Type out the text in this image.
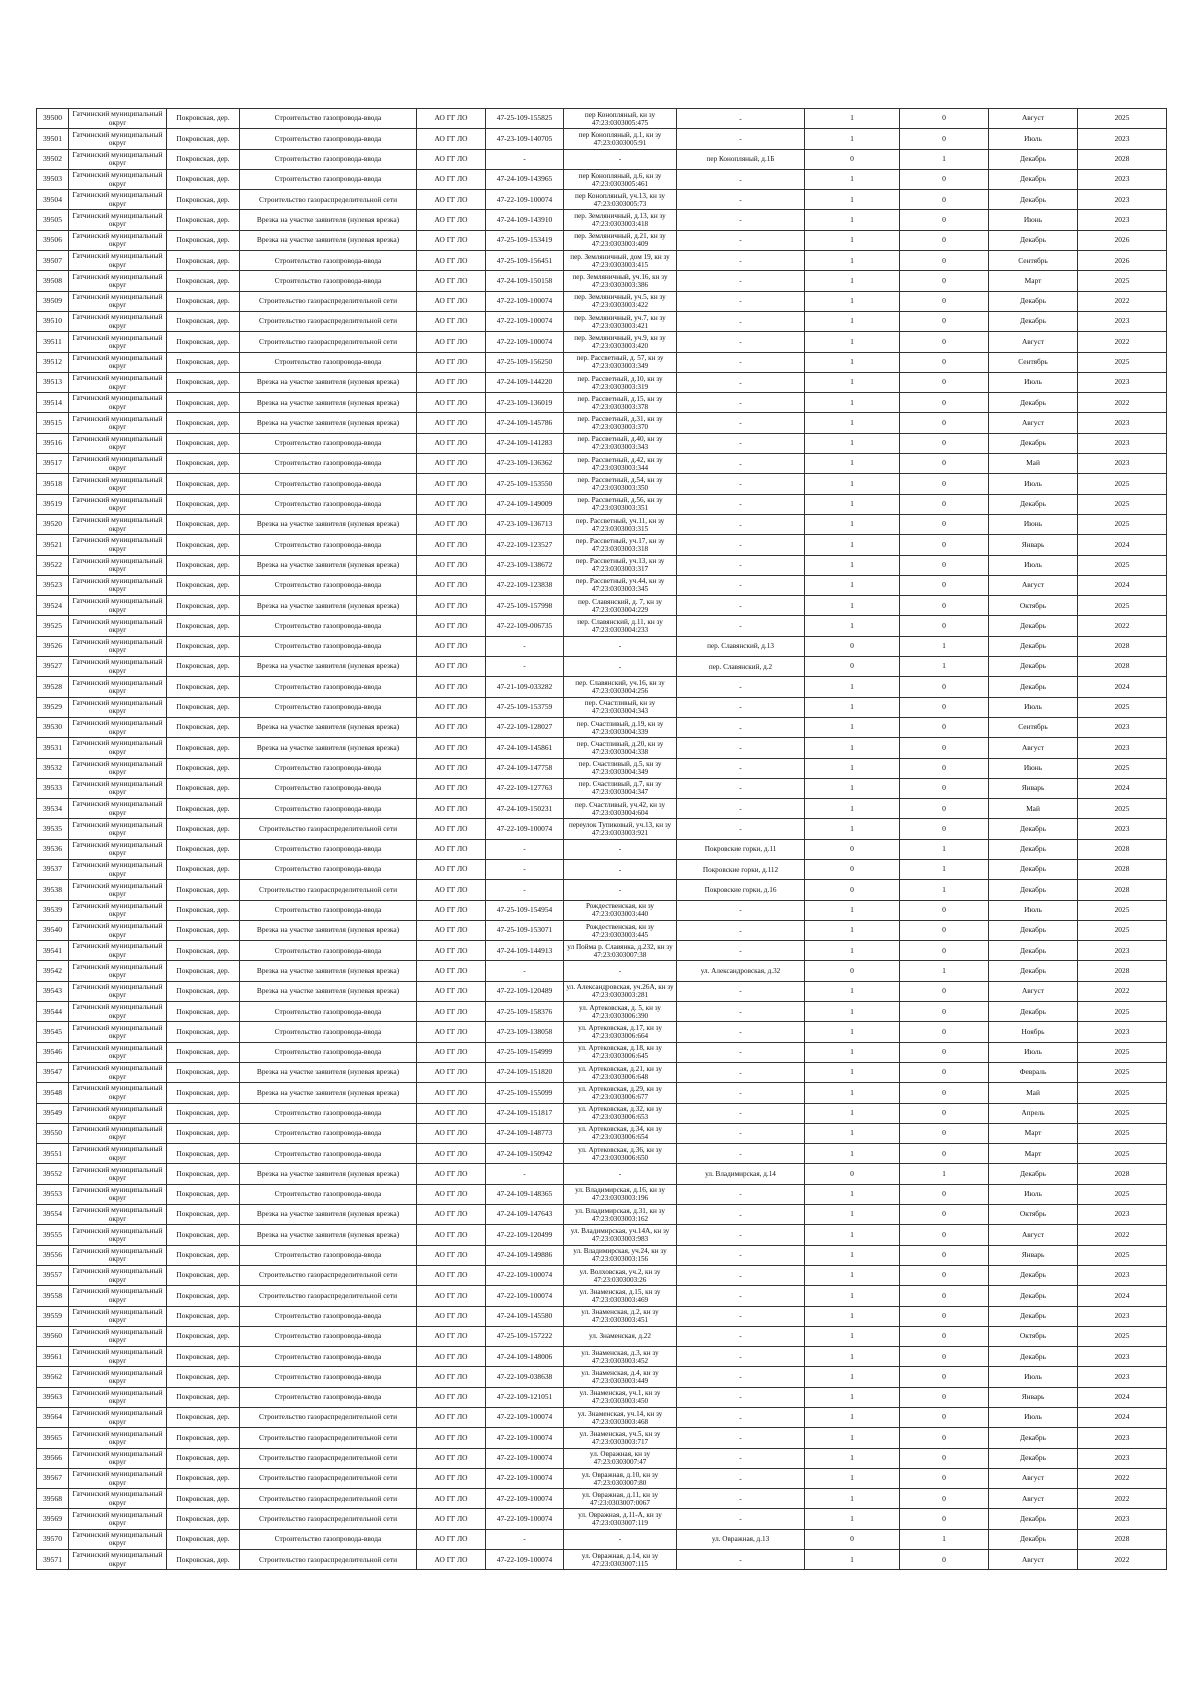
39500	Гатчинский муниципальный округ	Покровская, дер.	Строительство газопровода-ввода	АО ГГ ЛО	47-25-109-155825	пер Конопляный, кн зу 47:23:0303005:475	-	1	0	Август	2025
39501	Гатчинский муниципальный округ	Покровская, дер.	Строительство газопровода-ввода	АО ГГ ЛО	47-23-109-140705	пер Конопляный, д.1, кн зу 47:23:0303005:91	-	1	0	Июль	2023
39502	Гатчинский муниципальный округ	Покровская, дер.	Строительство газопровода-ввода	АО ГГ ЛО	-	-	пер Конопляный, д.1Б	0	1	Декабрь	2028
39503	Гатчинский муниципальный округ	Покровская, дер.	Строительство газопровода-ввода	АО ГГ ЛО	47-24-109-143965	пер Конопляный, д.6, кн зу 47:23:0303005:461	-	1	0	Декабрь	2023
39504	Гатчинский муниципальный округ	Покровская, дер.	Строительство газораспределительной сети	АО ГГ ЛО	47-22-109-100074	пер Конопляный, уч.13, кн зу 47:23:0303005:73	-	1	0	Декабрь	2023
39505	Гатчинский муниципальный округ	Покровская, дер.	Врезка на участке заявителя (нулевая врезка)	АО ГГ ЛО	47-24-109-143910	пер. Земляничный, д.13, кн зу 47:23:0303003:418	-	1	0	Июнь	2023
39506	Гатчинский муниципальный округ	Покровская, дер.	Врезка на участке заявителя (нулевая врезка)	АО ГГ ЛО	47-25-109-153419	пер. Земляничный, д.21, кн зу 47:23:0303003:409	-	1	0	Декабрь	2026
39507	Гатчинский муниципальный округ	Покровская, дер.	Строительство газопровода-ввода	АО ГГ ЛО	47-25-109-156451	пер. Земляничный, дом 19, кн зу 47:23:0303003:415	-	1	0	Сентябрь	2026
39508	Гатчинский муниципальный округ	Покровская, дер.	Строительство газопровода-ввода	АО ГГ ЛО	47-24-109-150158	пер. Земляничный, уч.16, кн зу 47:23:0303003:386	-	1	0	Март	2025
39509	Гатчинский муниципальный округ	Покровская, дер.	Строительство газораспределительной сети	АО ГГ ЛО	47-22-109-100074	пер. Земляничный, уч.5, кн зу 47:23:0303003:422	-	1	0	Декабрь	2022
39510	Гатчинский муниципальный округ	Покровская, дер.	Строительство газораспределительной сети	АО ГГ ЛО	47-22-109-100074	пер. Земляничный, уч.7, кн зу 47:23:0303003:421	-	1	0	Декабрь	2023
39511	Гатчинский муниципальный округ	Покровская, дер.	Строительство газораспределительной сети	АО ГГ ЛО	47-22-109-100074	пер. Земляничный, уч.9, кн зу 47:23:0303003:420	-	1	0	Август	2022
39512	Гатчинский муниципальный округ	Покровская, дер.	Строительство газопровода-ввода	АО ГГ ЛО	47-25-109-156250	пер. Рассветный, д. 57, кн зу 47:23:0303003:349	-	1	0	Сентябрь	2025
39513	Гатчинский муниципальный округ	Покровская, дер.	Врезка на участке заявителя (нулевая врезка)	АО ГГ ЛО	47-24-109-144220	пер. Рассветный, д.10, кн зу 47:23:0303003:319	-	1	0	Июль	2023
39514	Гатчинский муниципальный округ	Покровская, дер.	Врезка на участке заявителя (нулевая врезка)	АО ГГ ЛО	47-23-109-136019	пер. Рассветный, д.15, кн зу 47:23:0303003:378	-	1	0	Декабрь	2022
39515	Гатчинский муниципальный округ	Покровская, дер.	Врезка на участке заявителя (нулевая врезка)	АО ГГ ЛО	47-24-109-145786	пер. Рассветный, д.31, кн зу 47:23:0303003:370	-	1	0	Август	2023
39516	Гатчинский муниципальный округ	Покровская, дер.	Строительство газопровода-ввода	АО ГГ ЛО	47-24-109-141283	пер. Рассветный, д.40, кн зу 47:23:0303003:343	-	1	0	Декабрь	2023
39517	Гатчинский муниципальный округ	Покровская, дер.	Строительство газопровода-ввода	АО ГГ ЛО	47-23-109-136362	пер. Рассветный, д.42, кн зу 47:23:0303003:344	-	1	0	Май	2023
39518	Гатчинский муниципальный округ	Покровская, дер.	Строительство газопровода-ввода	АО ГГ ЛО	47-25-109-153550	пер. Рассветный, д.54, кн зу 47:23:0303003:350	-	1	0	Июль	2025
39519	Гатчинский муниципальный округ	Покровская, дер.	Строительство газопровода-ввода	АО ГГ ЛО	47-24-109-149009	пер. Рассветный, д.56, кн зу 47:23:0303003:351	-	1	0	Декабрь	2025
39520	Гатчинский муниципальный округ	Покровская, дер.	Врезка на участке заявителя (нулевая врезка)	АО ГГ ЛО	47-23-109-136713	пер. Рассветный, уч.11, кн зу 47:23:0303003:315	-	1	0	Июнь	2025
39521	Гатчинский муниципальный округ	Покровская, дер.	Строительство газопровода-ввода	АО ГГ ЛО	47-22-109-123527	пер. Рассветный, уч.17, кн зу 47:23:0303003:318	-	1	0	Январь	2024
39522	Гатчинский муниципальный округ	Покровская, дер.	Врезка на участке заявителя (нулевая врезка)	АО ГГ ЛО	47-23-109-138672	пер. Рассветный, уч.13, кн зу 47:23:0303003:317	-	1	0	Июль	2025
39523	Гатчинский муниципальный округ	Покровская, дер.	Строительство газопровода-ввода	АО ГГ ЛО	47-22-109-123838	пер. Рассветный, уч.44, кн зу 47:23:0303003:345	-	1	0	Август	2024
39524	Гатчинский муниципальный округ	Покровская, дер.	Врезка на участке заявителя (нулевая врезка)	АО ГГ ЛО	47-25-109-157998	пер. Славянский, д. 7, кн зу 47:23:0303004:229	-	1	0	Октябрь	2025
39525	Гатчинский муниципальный округ	Покровская, дер.	Строительство газопровода-ввода	АО ГГ ЛО	47-22-109-006735	пер. Славянский, д.11, кн зу 47:23:0303004:233	-	1	0	Декабрь	2022
39526	Гатчинский муниципальный округ	Покровская, дер.	Строительство газопровода-ввода	АО ГГ ЛО	-	-	пер. Славянский, д.13	0	1	Декабрь	2028
39527	Гатчинский муниципальный округ	Покровская, дер.	Врезка на участке заявителя (нулевая врезка)	АО ГГ ЛО	-	-	пер. Славянский, д.2	0	1	Декабрь	2028
39528	Гатчинский муниципальный округ	Покровская, дер.	Строительство газопровода-ввода	АО ГГ ЛО	47-21-109-033282	пер. Славянский, уч.16, кн зу 47:23:0303004:256	-	1	0	Декабрь	2024
39529	Гатчинский муниципальный округ	Покровская, дер.	Строительство газопровода-ввода	АО ГГ ЛО	47-25-109-153759	пер. Счастливый, кн зу 47:23:0303004:343	-	1	0	Июль	2025
39530	Гатчинский муниципальный округ	Покровская, дер.	Врезка на участке заявителя (нулевая врезка)	АО ГГ ЛО	47-22-109-128027	пер. Счастливый, д.19, кн зу 47:23:0303004:339	-	1	0	Сентябрь	2023
39531	Гатчинский муниципальный округ	Покровская, дер.	Врезка на участке заявителя (нулевая врезка)	АО ГГ ЛО	47-24-109-145861	пер. Счастливый, д.20, кн зу 47:23:0303004:338	-	1	0	Август	2023
39532	Гатчинский муниципальный округ	Покровская, дер.	Строительство газопровода-ввода	АО ГГ ЛО	47-24-109-147758	пер. Счастливый, д.5, кн зу 47:23:0303004:349	-	1	0	Июнь	2025
39533	Гатчинский муниципальный округ	Покровская, дер.	Строительство газопровода-ввода	АО ГГ ЛО	47-22-109-127763	пер. Счастливый, д.7, кн зу 47:23:0303004:347	-	1	0	Январь	2024
39534	Гатчинский муниципальный округ	Покровская, дер.	Строительство газопровода-ввода	АО ГГ ЛО	47-24-109-150231	пер. Счастливый, уч.42, кн зу 47:23:0303004:604	-	1	0	Май	2025
39535	Гатчинский муниципальный округ	Покровская, дер.	Строительство газораспределительной сети	АО ГГ ЛО	47-22-109-100074	переулок Тупиковый, уч.13, кн зу 47:23:0303003:921	-	1	0	Декабрь	2023
39536	Гатчинский муниципальный округ	Покровская, дер.	Строительство газопровода-ввода	АО ГГ ЛО	-	-	Покровские горки, д.11	0	1	Декабрь	2028
39537	Гатчинский муниципальный округ	Покровская, дер.	Строительство газопровода-ввода	АО ГГ ЛО	-	-	Покровские горки, д.112	0	1	Декабрь	2028
39538	Гатчинский муниципальный округ	Покровская, дер.	Строительство газораспределительной сети	АО ГГ ЛО	-	-	Покровские горки, д.16	0	1	Декабрь	2028
39539	Гатчинский муниципальный округ	Покровская, дер.	Строительство газопровода-ввода	АО ГГ ЛО	47-25-109-154954	Рождественская, кн зу 47:23:0303003:440	-	1	0	Июль	2025
39540	Гатчинский муниципальный округ	Покровская, дер.	Врезка на участке заявителя (нулевая врезка)	АО ГГ ЛО	47-25-109-153071	Рождественская, кн зу 47:23:0303003:445	-	1	0	Декабрь	2025
39541	Гатчинский муниципальный округ	Покровская, дер.	Строительство газопровода-ввода	АО ГГ ЛО	47-24-109-144913	ул Пойма р. Славянка, д.232, кн зу 47:23:0303007:38	-	1	0	Декабрь	2023
39542	Гатчинский муниципальный округ	Покровская, дер.	Врезка на участке заявителя (нулевая врезка)	АО ГГ ЛО	-	-	ул. Александровская, д.32	0	1	Декабрь	2028
39543	Гатчинский муниципальный округ	Покровская, дер.	Врезка на участке заявителя (нулевая врезка)	АО ГГ ЛО	47-22-109-120489	ул. Александровская, уч.26А, кн зу 47:23:0303003:281	-	1	0	Август	2022
39544	Гатчинский муниципальный округ	Покровская, дер.	Строительство газопровода-ввода	АО ГГ ЛО	47-25-109-158376	ул. Артековская, д. 5, кн зу 47:23:0303006:390	-	1	0	Декабрь	2025
39545	Гатчинский муниципальный округ	Покровская, дер.	Строительство газопровода-ввода	АО ГГ ЛО	47-23-109-138058	ул. Артековская, д.17, кн зу 47:23:0303006:664	-	1	0	Ноябрь	2023
39546	Гатчинский муниципальный округ	Покровская, дер.	Строительство газопровода-ввода	АО ГГ ЛО	47-25-109-154999	ул. Артековская, д.18, кн зу 47:23:0303006:645	-	1	0	Июль	2025
39547	Гатчинский муниципальный округ	Покровская, дер.	Врезка на участке заявителя (нулевая врезка)	АО ГГ ЛО	47-24-109-151820	ул. Артековская, д.21, кн зу 47:23:0303006:648	-	1	0	Февраль	2025
39548	Гатчинский муниципальный округ	Покровская, дер.	Врезка на участке заявителя (нулевая врезка)	АО ГГ ЛО	47-25-109-155099	ул. Артековская, д.29, кн зу 47:23:0303006:677	-	1	0	Май	2025
39549	Гатчинский муниципальный округ	Покровская, дер.	Строительство газопровода-ввода	АО ГГ ЛО	47-24-109-151817	ул. Артековская, д.32, кн зу 47:23:0303006:653	-	1	0	Апрель	2025
39550	Гатчинский муниципальный округ	Покровская, дер.	Строительство газопровода-ввода	АО ГГ ЛО	47-24-109-148773	ул. Артековская, д.34, кн зу 47:23:0303006:654	-	1	0	Март	2025
39551	Гатчинский муниципальный округ	Покровская, дер.	Строительство газопровода-ввода	АО ГГ ЛО	47-24-109-150942	ул. Артековская, д.36, кн зу 47:23:0303006:650	-	1	0	Март	2025
39552	Гатчинский муниципальный округ	Покровская, дер.	Врезка на участке заявителя (нулевая врезка)	АО ГГ ЛО	-	-	ул. Владимирская, д.14	0	1	Декабрь	2028
39553	Гатчинский муниципальный округ	Покровская, дер.	Строительство газопровода-ввода	АО ГГ ЛО	47-24-109-148365	ул. Владимирская, д.16, кн зу 47:23:0303003:196	-	1	0	Июль	2025
39554	Гатчинский муниципальный округ	Покровская, дер.	Врезка на участке заявителя (нулевая врезка)	АО ГГ ЛО	47-24-109-147643	ул. Владимирская, д.31, кн зу 47:23:0303003:162	-	1	0	Октябрь	2023
39555	Гатчинский муниципальный округ	Покровская, дер.	Врезка на участке заявителя (нулевая врезка)	АО ГГ ЛО	47-22-109-120499	ул. Владимирская, уч.14А, кн зу 47:23:0303003:983	-	1	0	Август	2022
39556	Гатчинский муниципальный округ	Покровская, дер.	Строительство газопровода-ввода	АО ГГ ЛО	47-24-109-149886	ул. Владимирская, уч.24, кн зу 47:23:0303003:156	-	1	0	Январь	2025
39557	Гатчинский муниципальный округ	Покровская, дер.	Строительство газораспределительной сети	АО ГГ ЛО	47-22-109-100074	ул. Волховская, уч.2, кн зу 47:23:0303003:26	-	1	0	Декабрь	2023
39558	Гатчинский муниципальный округ	Покровская, дер.	Строительство газораспределительной сети	АО ГГ ЛО	47-22-109-100074	ул. Знаменская, д.15, кн зу 47:23:0303003:469	-	1	0	Декабрь	2024
39559	Гатчинский муниципальный округ	Покровская, дер.	Строительство газопровода-ввода	АО ГГ ЛО	47-24-109-145580	ул. Знаменская, д.2, кн зу 47:23:0303003:451	-	1	0	Декабрь	2023
39560	Гатчинский муниципальный округ	Покровская, дер.	Строительство газопровода-ввода	АО ГГ ЛО	47-25-109-157222	ул. Знаменская, д.22	-	1	0	Октябрь	2025
39561	Гатчинский муниципальный округ	Покровская, дер.	Строительство газопровода-ввода	АО ГГ ЛО	47-24-109-148006	ул. Знаменская, д.3, кн зу 47:23:0303003:452	-	1	0	Декабрь	2023
39562	Гатчинский муниципальный округ	Покровская, дер.	Строительство газопровода-ввода	АО ГГ ЛО	47-22-109-038638	ул. Знаменская, д.4, кн зу 47:23:0303003:449	-	1	0	Июль	2023
39563	Гатчинский муниципальный округ	Покровская, дер.	Строительство газопровода-ввода	АО ГГ ЛО	47-22-109-121051	ул. Знаменская, уч.1, кн зу 47:23:0303003:450	-	1	0	Январь	2024
39564	Гатчинский муниципальный округ	Покровская, дер.	Строительство газораспределительной сети	АО ГГ ЛО	47-22-109-100074	ул. Знаменская, уч.14, кн зу 47:23:0303003:468	-	1	0	Июль	2024
39565	Гатчинский муниципальный округ	Покровская, дер.	Строительство газораспределительной сети	АО ГГ ЛО	47-22-109-100074	ул. Знаменская, уч.5, кн зу 47:23:0303003:717	-	1	0	Декабрь	2023
39566	Гатчинский муниципальный округ	Покровская, дер.	Строительство газораспределительной сети	АО ГГ ЛО	47-22-109-100074	ул. Овражная, кн зу 47:23:0303007:47	-	1	0	Декабрь	2023
39567	Гатчинский муниципальный округ	Покровская, дер.	Строительство газораспределительной сети	АО ГГ ЛО	47-22-109-100074	ул. Овражная, д.10, кн зу 47:23:0303007:80	-	1	0	Август	2022
39568	Гатчинский муниципальный округ	Покровская, дер.	Строительство газораспределительной сети	АО ГГ ЛО	47-22-109-100074	ул. Овражная, д.11, кн зу 47:23:0303007:0067	-	1	0	Август	2022
39569	Гатчинский муниципальный округ	Покровская, дер.	Строительство газораспределительной сети	АО ГГ ЛО	47-22-109-100074	ул. Овражная, д.11-А, кн зу 47:23:0303007:119	-	1	0	Декабрь	2023
39570	Гатчинский муниципальный округ	Покровская, дер.	Строительство газопровода-ввода	АО ГГ ЛО	-	-	ул. Овражная, д.13	0	1	Декабрь	2028
39571	Гатчинский муниципальный округ	Покровская, дер.	Строительство газораспределительной сети	АО ГГ ЛО	47-22-109-100074	ул. Овражная, д.14, кн зу 47:23:0303007:115	-	1	0	Август	2022
